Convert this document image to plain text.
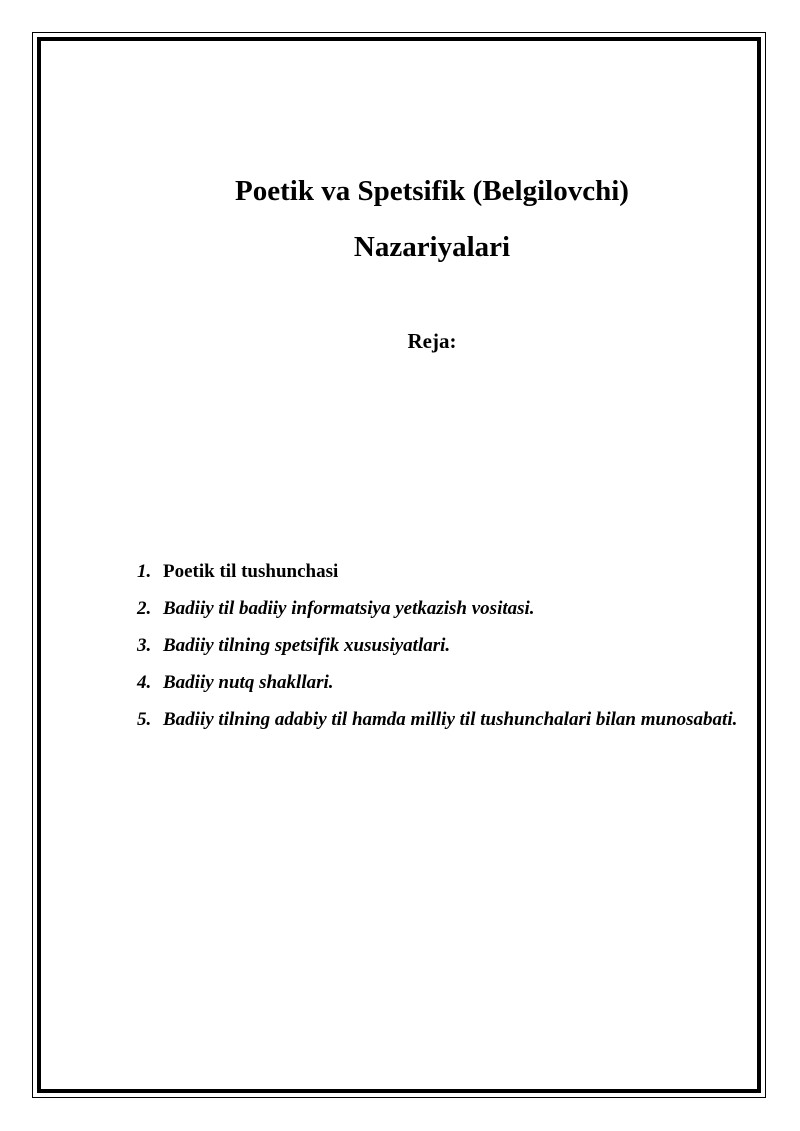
Poetik va Spetsifik (Belgilovchi)
Nazariyalari
Reja:
1. Poetik til tushunchasi
2. Badiiy til badiiy informatsiya yetkazish vositasi.
3. Badiiy tilning spetsifik xususiyatlari.
4. Badiiy nutq shakllari.
5. Badiiy tilning adabiy til hamda milliy til tushunchalari bilan munosabati.
